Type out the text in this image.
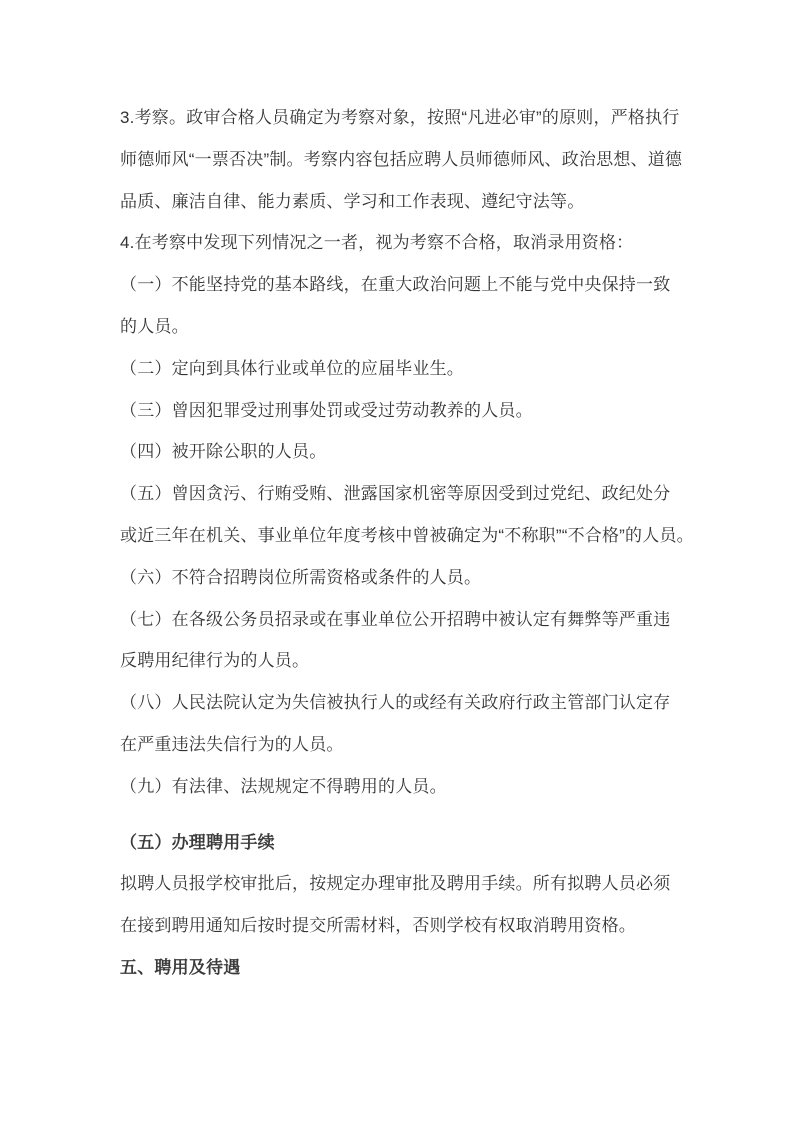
3.考察。政审合格人员确定为考察对象，按照“凡进必审”的原则，严格执行
师德师风“一票否决”制。考察内容包括应聘人员师德师风、政治思想、道德
品质、廉洁自律、能力素质、学习和工作表现、遵纪守法等。
4.在考察中发现下列情况之一者，视为考察不合格，取消录用资格：
（一）不能坚持党的基本路线，在重大政治问题上不能与党中央保持一致
的人员。
（二）定向到具体行业或单位的应届毕业生。
（三）曾因犯罪受过刑事处罚或受过劳动教养的人员。
（四）被开除公职的人员。
（五）曾因贪污、行贿受贿、泄露国家机密等原因受到过党纪、政纪处分
或近三年在机关、事业单位年度考核中曾被确定为“不称职”“不合格”的人员。
（六）不符合招聘岗位所需资格或条件的人员。
（七）在各级公务员招录或在事业单位公开招聘中被认定有舞弊等严重违
反聘用纪律行为的人员。
（八）人民法院认定为失信被执行人的或经有关政府行政主管部门认定存
在严重违法失信行为的人员。
（九）有法律、法规规定不得聘用的人员。
（五）办理聘用手续
拟聘人员报学校审批后，按规定办理审批及聘用手续。所有拟聘人员必须
在接到聘用通知后按时提交所需材料，否则学校有权取消聘用资格。
五、聘用及待遇
